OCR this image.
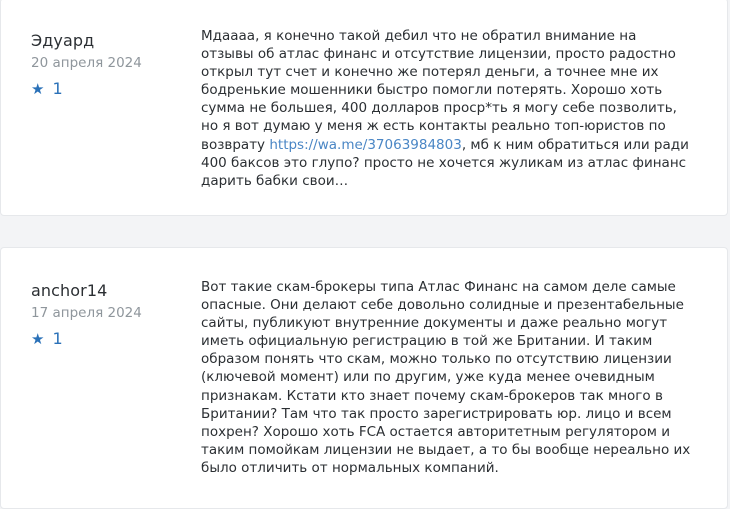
Эдуард
20 апреля 2024
★ 1

Мдаааа, я конечно такой дебил что не обратил внимание на отзывы об атлас финанс и отсутствие лицензии, просто радостно открыл тут счет и конечно же потерял деньги, а точнее мне их бодренькие мошенники быстро помогли потерять. Хорошо хоть сумма не большея, 400 долларов проср*ть я могу себе позволить, но я вот думаю у меня ж есть контакты реально топ-юристов по возврату https://wa.me/37063984803, мб к ним обратиться или ради 400 баксов это глупо? просто не хочется жуликам из атлас финанс дарить бабки свои…

anchor14
17 апреля 2024
★ 1

Вот такие скам-брокеры типа Атлас Финанс на самом деле самые опасные. Они делают себе довольно солидные и презентабельные сайты, публикуют внутренние документы и даже реально могут иметь официальную регистрацию в той же Британии. И таким образом понять что скам, можно только по отсутствию лицензии (ключевой момент) или по другим, уже куда менее очевидным признакам. Кстати кто знает почему скам-брокеров так много в Британии? Там что так просто зарегистрировать юр. лицо и всем похрен? Хорошо хоть FCA остается авторитетным регулятором и таким помойкам лицензии не выдает, а то бы вообще нереально их было отличить от нормальных компаний.
